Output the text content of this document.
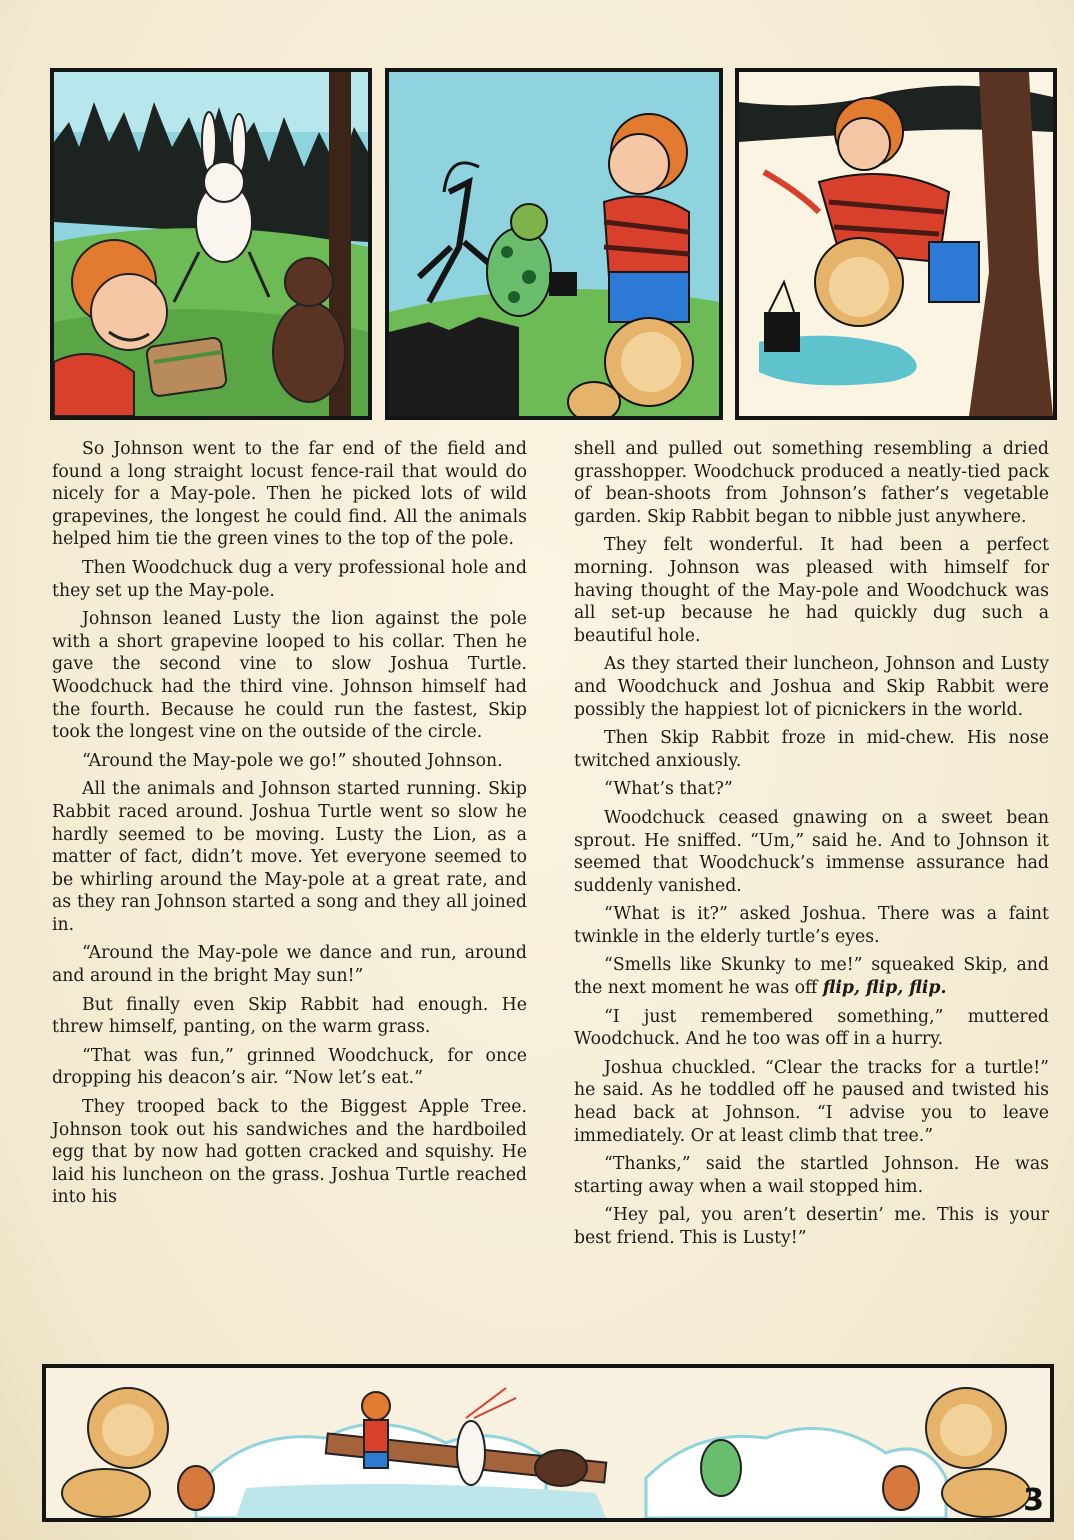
So Johnson went to the far end of the field and found a long straight locust fence-rail that would do nicely for a May-pole. Then he picked lots of wild grapevines, the longest he could find. All the animals helped him tie the green vines to the top of the pole.

Then Woodchuck dug a very professional hole and they set up the May-pole.

Johnson leaned Lusty the lion against the pole with a short grapevine looped to his collar. Then he gave the second vine to slow Joshua Turtle. Woodchuck had the third vine. Johnson himself had the fourth. Because he could run the fastest, Skip took the longest vine on the outside of the circle.

“Around the May-pole we go!” shouted Johnson.

All the animals and Johnson started running. Skip Rabbit raced around. Joshua Turtle went so slow he hardly seemed to be moving. Lusty the Lion, as a matter of fact, didn’t move. Yet everyone seemed to be whirling around the May-pole at a great rate, and as they ran Johnson started a song and they all joined in.

“Around the May-pole we dance and run, around and around in the bright May sun!”

But finally even Skip Rabbit had enough. He threw himself, panting, on the warm grass.

“That was fun,” grinned Woodchuck, for once dropping his deacon’s air. “Now let’s eat.”

They trooped back to the Biggest Apple Tree. Johnson took out his sandwiches and the hardboiled egg that by now had gotten cracked and squishy. He laid his luncheon on the grass. Joshua Turtle reached into his

shell and pulled out something resembling a dried grasshopper. Woodchuck produced a neatly-tied pack of bean-shoots from Johnson’s father’s vegetable garden. Skip Rabbit began to nibble just anywhere.

They felt wonderful. It had been a perfect morning. Johnson was pleased with himself for having thought of the May-pole and Woodchuck was all set-up because he had quickly dug such a beautiful hole.

As they started their luncheon, Johnson and Lusty and Woodchuck and Joshua and Skip Rabbit were possibly the happiest lot of picnickers in the world.

Then Skip Rabbit froze in mid-chew. His nose twitched anxiously.

“What’s that?”

Woodchuck ceased gnawing on a sweet bean sprout. He sniffed. “Um,” said he. And to Johnson it seemed that Woodchuck’s immense assurance had suddenly vanished.

“What is it?” asked Joshua. There was a faint twinkle in the elderly turtle’s eyes.

“Smells like Skunky to me!” squeaked Skip, and the next moment he was off flip, flip, flip.

“I just remembered something,” muttered Woodchuck. And he too was off in a hurry.

Joshua chuckled. “Clear the tracks for a turtle!” he said. As he toddled off he paused and twisted his head back at Johnson. “I advise you to leave immediately. Or at least climb that tree.”

“Thanks,” said the startled Johnson. He was starting away when a wail stopped him.

“Hey pal, you aren’t desertin’ me. This is your best friend. This is Lusty!”

3
